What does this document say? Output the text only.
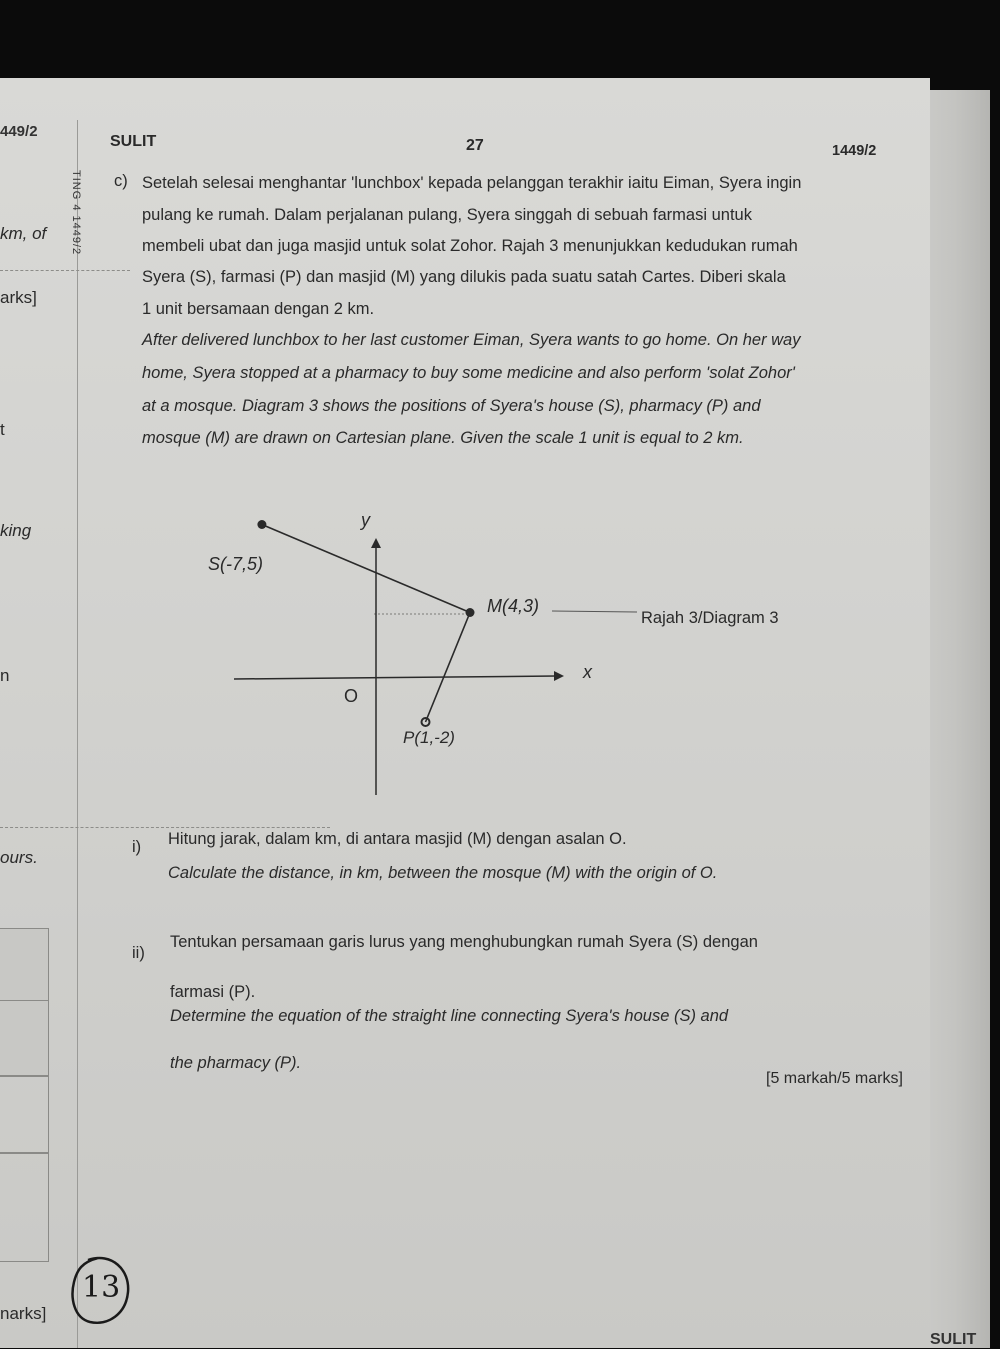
449/2
km, of
arks]
t
king
n
ours.
narks]
TING 4 1449/2
SULIT	27	1449/2
c) Setelah selesai menghantar 'lunchbox' kepada pelanggan terakhir iaitu Eiman, Syera ingin
pulang ke rumah. Dalam perjalanan pulang, Syera singgah di sebuah farmasi untuk
membeli ubat dan juga masjid untuk solat Zohor. Rajah 3 menunjukkan kedudukan rumah
Syera (S), farmasi (P) dan masjid (M) yang dilukis pada suatu satah Cartes. Diberi skala
1 unit bersamaan dengan 2 km.
After delivered lunchbox to her last customer Eiman, Syera wants to go home. On her way
home, Syera stopped at a pharmacy to buy some medicine and also perform 'solat Zohor'
at a mosque. Diagram 3 shows the positions of Syera's house (S), pharmacy (P) and
mosque (M) are drawn on Cartesian plane. Given the scale 1 unit is equal to 2 km.
y
x
O
S(-7,5)
M(4,3)
P(1,-2)
Rajah 3/Diagram 3
i) Hitung jarak, dalam km, di antara masjid (M) dengan asalan O.
Calculate the distance, in km, between the mosque (M) with the origin of O.
ii)
Tentukan persamaan garis lurus yang menghubungkan rumah Syera (S) dengan
farmasi (P).
Determine the equation of the straight line connecting Syera's house (S) and
the pharmacy (P).
[5 markah/5 marks]
13
SULIT
